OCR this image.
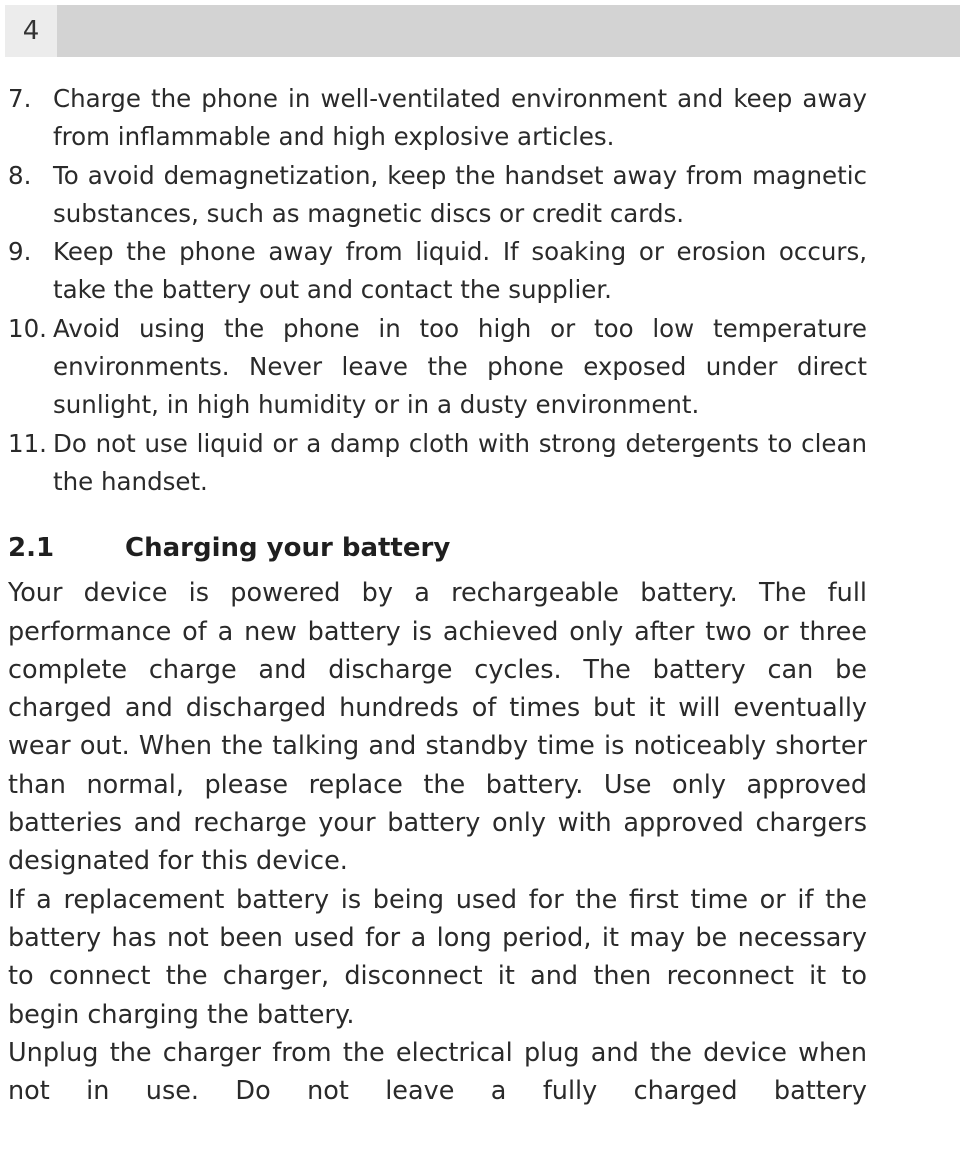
4
7. Charge the phone in well-ventilated environment and keep away from inflammable and high explosive articles.
8. To avoid demagnetization, keep the handset away from magnetic substances, such as magnetic discs or credit cards.
9. Keep the phone away from liquid. If soaking or erosion occurs, take the battery out and contact the supplier.
10. Avoid using the phone in too high or too low temperature environments. Never leave the phone exposed under direct sunlight, in high humidity or in a dusty environment.
11. Do not use liquid or a damp cloth with strong detergents to clean the handset.
2.1	Charging your battery
Your device is powered by a rechargeable battery. The full performance of a new battery is achieved only after two or three complete charge and discharge cycles. The battery can be charged and discharged hundreds of times but it will eventually wear out. When the talking and standby time is noticeably shorter than normal, please replace the battery. Use only approved batteries and recharge your battery only with approved chargers designated for this device.
If a replacement battery is being used for the first time or if the battery has not been used for a long period, it may be necessary to connect the charger, disconnect it and then reconnect it to begin charging the battery.
Unplug the charger from the electrical plug and the device when not in use. Do not leave a fully charged battery
